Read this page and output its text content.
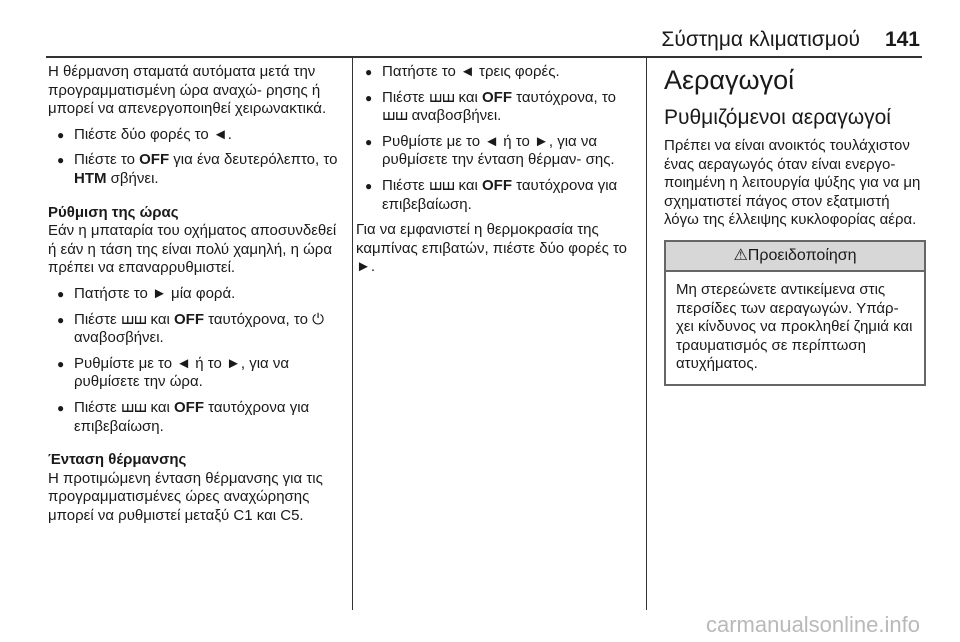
Σύστημα κλιματισμού 141

Η θέρμανση σταματά αυτόματα μετά την προγραμματισμένη ώρα αναχώ- ρησης ή μπορεί να απενεργοποιηθεί χειρωνακτικά.

● Πιέστε δύο φορές το ◄.
● Πιέστε το OFF για ένα δευτερόλεπτο, το HTM σβήνει.

Ρύθμιση της ώρας

Εάν η μπαταρία του οχήματος αποσυνδεθεί ή εάν η τάση της είναι πολύ χαμηλή, η ώρα πρέπει να επαναρρυθμιστεί.

● Πατήστε το ► μία φορά.
● Πιέστε ꟺꟺ και OFF ταυτόχρονα, το ⏻ αναβοσβήνει.
● Ρυθμίστε με το ◄ ή το ►, για να ρυθμίσετε την ώρα.
● Πιέστε ꟺꟺ και OFF ταυτόχρονα για επιβεβαίωση.

Ένταση θέρμανσης

Η προτιμώμενη ένταση θέρμανσης για τις προγραμματισμένες ώρες αναχώρησης μπορεί να ρυθμιστεί μεταξύ C1 και C5.

● Πατήστε το ◄ τρεις φορές.
● Πιέστε ꟺꟺ και OFF ταυτόχρονα, το ꟺꟺ αναβοσβήνει.
● Ρυθμίστε με το ◄ ή το ►, για να ρυθμίσετε την ένταση θέρμαν- σης.
● Πιέστε ꟺꟺ και OFF ταυτόχρονα για επιβεβαίωση.

Για να εμφανιστεί η θερμοκρασία της καμπίνας επιβατών, πιέστε δύο φορές το ►.

Αεραγωγοί
Ρυθμιζόμενοι αεραγωγοί

Πρέπει να είναι ανοικτός τουλάχιστον ένας αεραγωγός όταν είναι ενεργο- ποιημένη η λειτουργία ψύξης για να μη σχηματιστεί πάγος στον εξατμιστή λόγω της έλλειψης κυκλοφορίας αέρα.

⚠Προειδοποίηση
Μη στερεώνετε αντικείμενα στις περσίδες των αεραγωγών. Υπάρ- χει κίνδυνος να προκληθεί ζημιά και τραυματισμός σε περίπτωση ατυχήματος.
carmanualsonline.info
